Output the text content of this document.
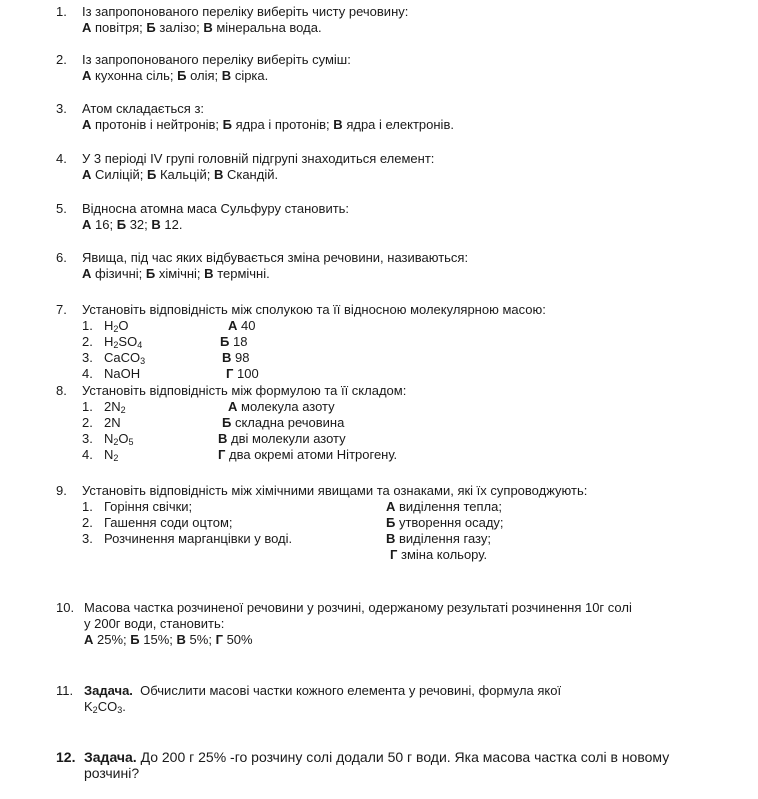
1. Із запропонованого переліку виберіть чисту речовину:
А повітря; Б залізо; В мінеральна вода.
2. Із запропонованого переліку виберіть суміш:
А кухонна сіль; Б олія; В сірка.
3. Атом складається з:
А протонів і нейтронів; Б ядра і протонів; В ядра і електронів.
4. У 3 періоді IV групі головній підгрупі знаходиться елемент:
А Силіцій; Б Кальцій; В Скандій.
5. Відносна атомна маса Сульфуру становить:
А 16; Б 32; В 12.
6. Явища, під час яких відбувається зміна речовини, називаються:
А фізичні; Б хімічні; В термічні.
7. Установіть відповідність між сполукою та її відносною молекулярною масою:
1. $H_2O$	А 40
2. $H_2SO_4$	Б 18
3. CaCO$_3$	В 98
4. NaOH	Г 100
8. Установіть відповідність між формулою та її складом:
1. $2N_2$	А молекула азоту
2. 2N	Б складна речовина
3. $N_2O_5$	В дві молекули азоту
4. $N_2$	Г два окремі атоми Нітрогену.
9. Установіть відповідність між хімічними явищами та ознаками, які їх супроводжують:
1. Горіння свічки;	А виділення тепла;
2. Гашення соди оцтом;	Б утворення осаду;
3. Розчинення марганцівки у воді.	В виділення газу;
Г зміна кольору.
10. Масова частка розчиненої речовини у розчині, одержаному результаті розчинення 10г солі
у 200г води, становить:
А 25%; Б 15%; В 5%; Г 50%
11. Задача. Обчислити масові частки кожного елемента у речовині, формула якої
$K_2CO_3$.
12. Задача. До 200 г 25% -го розчину солі додали 50 г води. Яка масова частка солі в новому
розчині?
